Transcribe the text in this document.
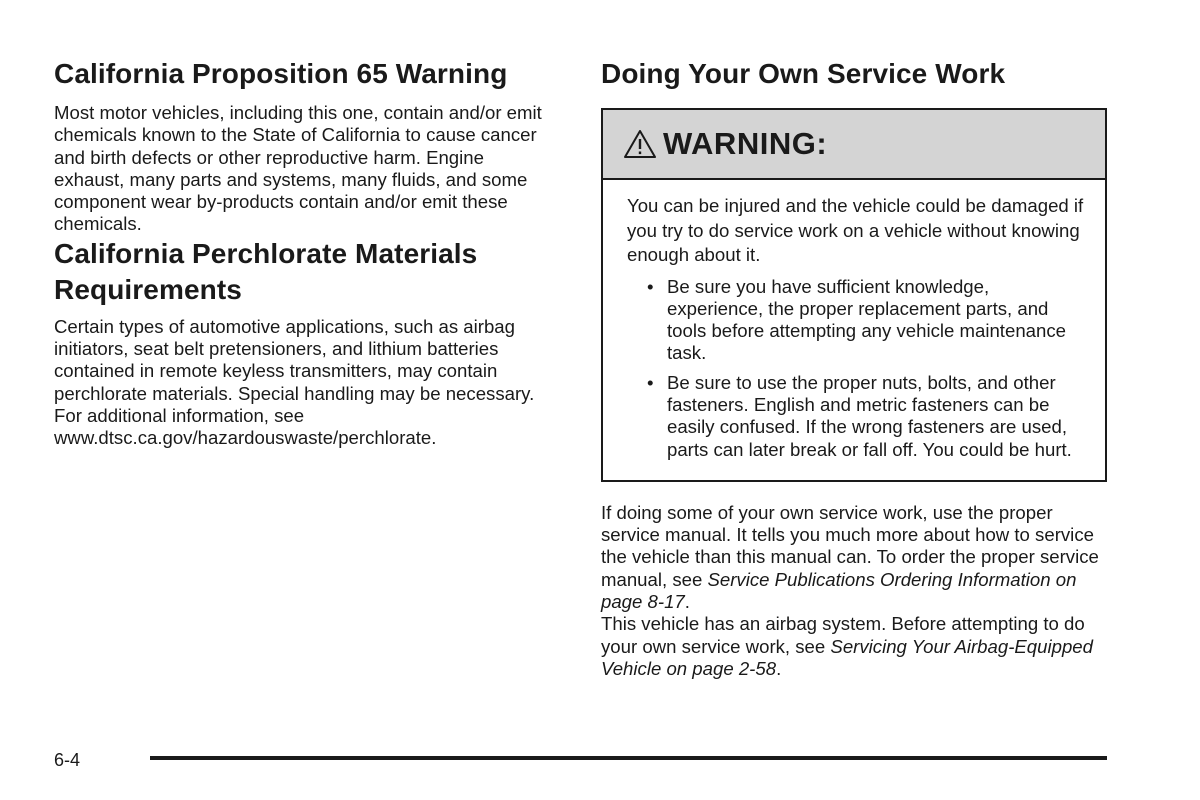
California Proposition 65 Warning

Most motor vehicles, including this one, contain and/or emit chemicals known to the State of California to cause cancer and birth defects or other reproductive harm. Engine exhaust, many parts and systems, many fluids, and some component wear by-products contain and/or emit these chemicals.

California Perchlorate Materials Requirements

Certain types of automotive applications, such as airbag initiators, seat belt pretensioners, and lithium batteries contained in remote keyless transmitters, may contain perchlorate materials. Special handling may be necessary. For additional information, see www.dtsc.ca.gov/hazardouswaste/perchlorate.

Doing Your Own Service Work
WARNING:

You can be injured and the vehicle could be damaged if you try to do service work on a vehicle without knowing enough about it.

• Be sure you have sufficient knowledge, experience, the proper replacement parts, and tools before attempting any vehicle maintenance task.
• Be sure to use the proper nuts, bolts, and other fasteners. English and metric fasteners can be easily confused. If the wrong fasteners are used, parts can later break or fall off. You could be hurt.

If doing some of your own service work, use the proper service manual. It tells you much more about how to service the vehicle than this manual can. To order the proper service manual, see Service Publications Ordering Information on page 8-17.

This vehicle has an airbag system. Before attempting to do your own service work, see Servicing Your Airbag-Equipped Vehicle on page 2-58.

6-4
